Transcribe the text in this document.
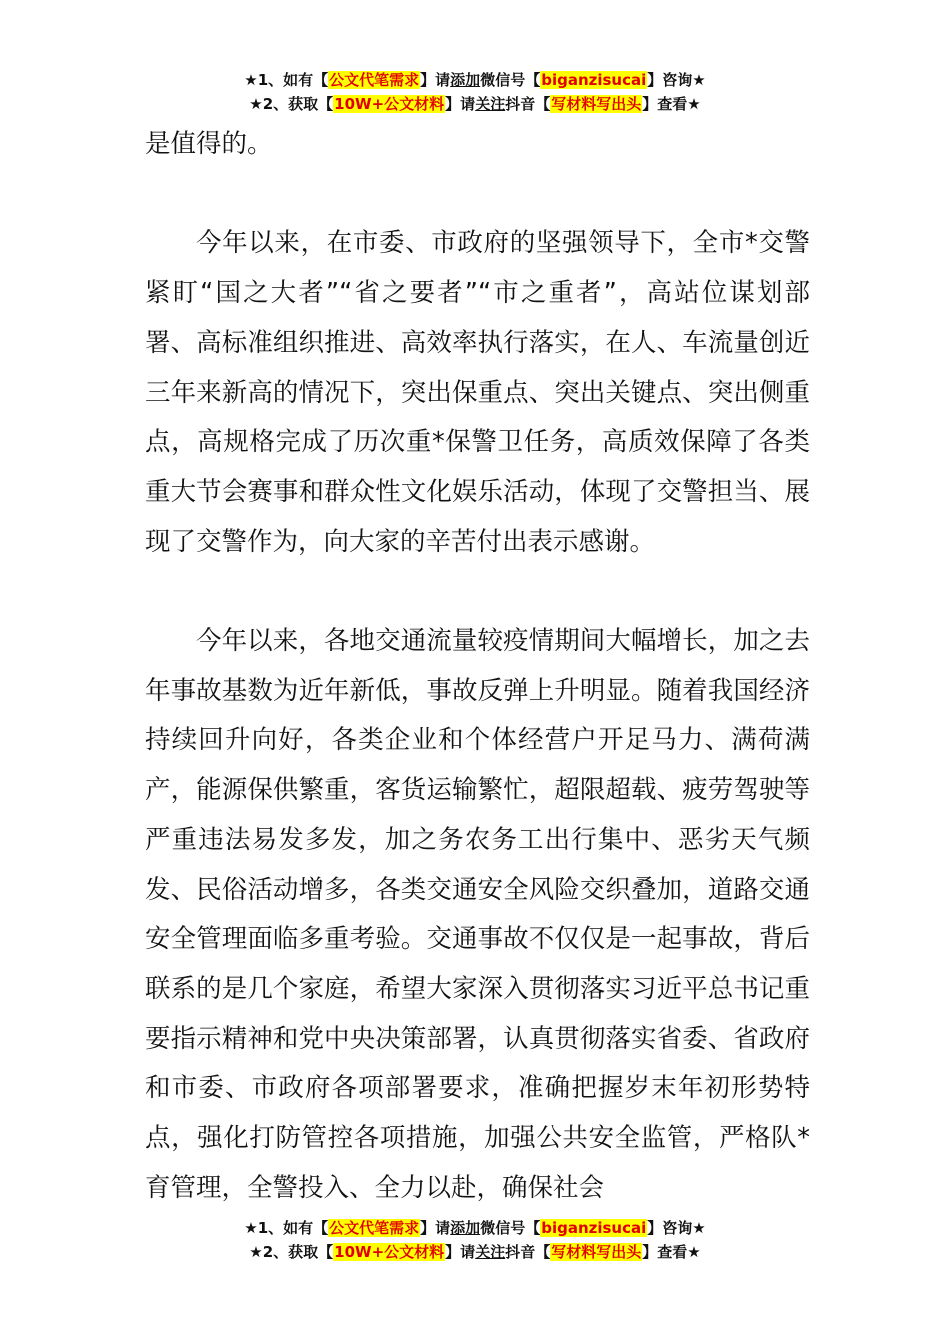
★1、如有【公文代笔需求】请添加微信号【biganzisucai】咨询★
★2、获取【10W+公文材料】请关注抖音【写材料写出头】查看★

是值得的。

今年以来，在市委、市政府的坚强领导下，全市*交警紧盯“国之大者”“省之要者”“市之重者”，高站位谋划部署、高标准组织推进、高效率执行落实，在人、车流量创近三年来新高的情况下，突出保重点、突出关键点、突出侧重点，高规格完成了历次重*保警卫任务，高质效保障了各类重大节会赛事和群众性文化娱乐活动，体现了交警担当、展现了交警作为，向大家的辛苦付出表示感谢。

今年以来，各地交通流量较疫情期间大幅增长，加之去年事故基数为近年新低，事故反弹上升明显。随着我国经济持续回升向好，各类企业和个体经营户开足马力、满荷满产，能源保供繁重，客货运输繁忙，超限超载、疲劳驾驶等严重违法易发多发，加之务农务工出行集中、恶劣天气频发、民俗活动增多，各类交通安全风险交织叠加，道路交通安全管理面临多重考验。交通事故不仅仅是一起事故，背后联系的是几个家庭，希望大家深入贯彻落实习近平总书记重要指示精神和党中央决策部署，认真贯彻落实省委、省政府和市委、市政府各项部署要求，准确把握岁末年初形势特点，强化打防管控各项措施，加强公共安全监管，严格队*育管理，全警投入、全力以赴，确保社会

★1、如有【公文代笔需求】请添加微信号【biganzisucai】咨询★
★2、获取【10W+公文材料】请关注抖音【写材料写出头】查看★
